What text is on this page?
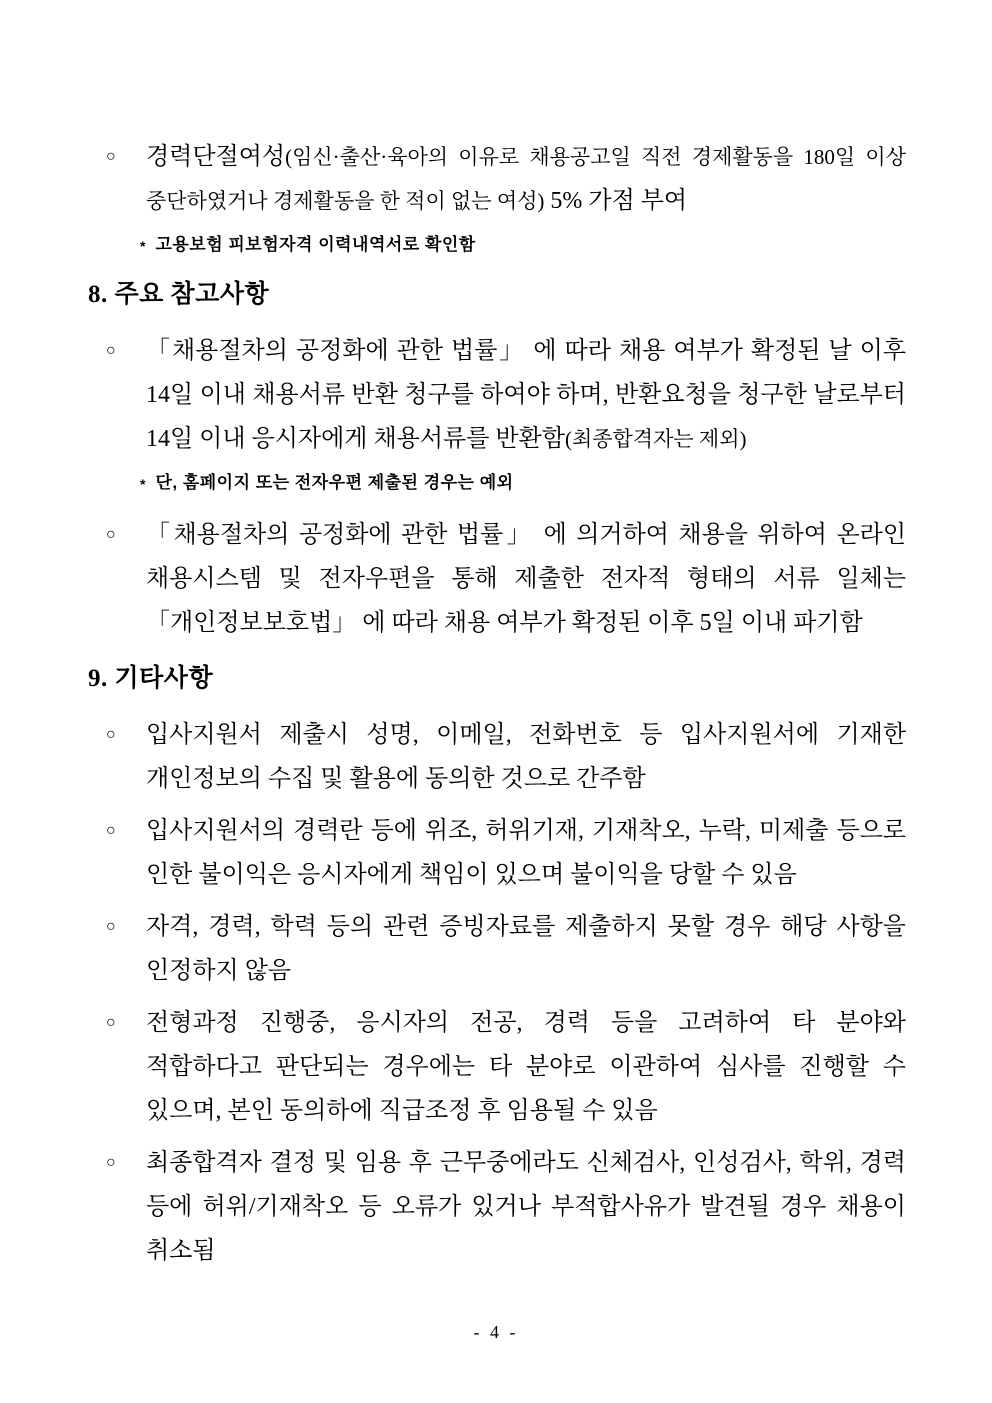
○	경력단절여성(임신·출산·육아의 이유로 채용공고일 직전 경제활동을 180일 이상 중단하였거나 경제활동을 한 적이 없는 여성) 5% 가점 부여

* 고용보험 피보험자격 이력내역서로 확인함
8. 주요 참고사항
○	「채용절차의 공정화에 관한 법률」 에 따라 채용 여부가 확정된 날 이후 14일 이내 채용서류 반환 청구를 하여야 하며, 반환요청을 청구한 날로부터 14일 이내 응시자에게 채용서류를 반환함(최종합격자는 제외)

* 단, 홈페이지 또는 전자우편 제출된 경우는 예외
○	「채용절차의 공정화에 관한 법률」 에 의거하여 채용을 위하여 온라인 채용시스템 및 전자우편을 통해 제출한 전자적 형태의 서류 일체는 「개인정보보호법」 에 따라 채용 여부가 확정된 이후 5일 이내 파기함

9. 기타사항
○	입사지원서 제출시 성명, 이메일, 전화번호 등 입사지원서에 기재한 개인정보의 수집 및 활용에 동의한 것으로 간주함

○	입사지원서의 경력란 등에 위조, 허위기재, 기재착오, 누락, 미제출 등으로 인한 불이익은 응시자에게 책임이 있으며 불이익을 당할 수 있음

○	자격, 경력, 학력 등의 관련 증빙자료를 제출하지 못할 경우 해당 사항을 인정하지 않음

○	전형과정 진행중, 응시자의 전공, 경력 등을 고려하여 타 분야와 적합하다고 판단되는 경우에는 타 분야로 이관하여 심사를 진행할 수 있으며, 본인 동의하에 직급조정 후 임용될 수 있음

○	최종합격자 결정 및 임용 후 근무중에라도 신체검사, 인성검사, 학위, 경력 등에 허위/기재착오 등 오류가 있거나 부적합사유가 발견될 경우 채용이 취소됨

- 4 -
